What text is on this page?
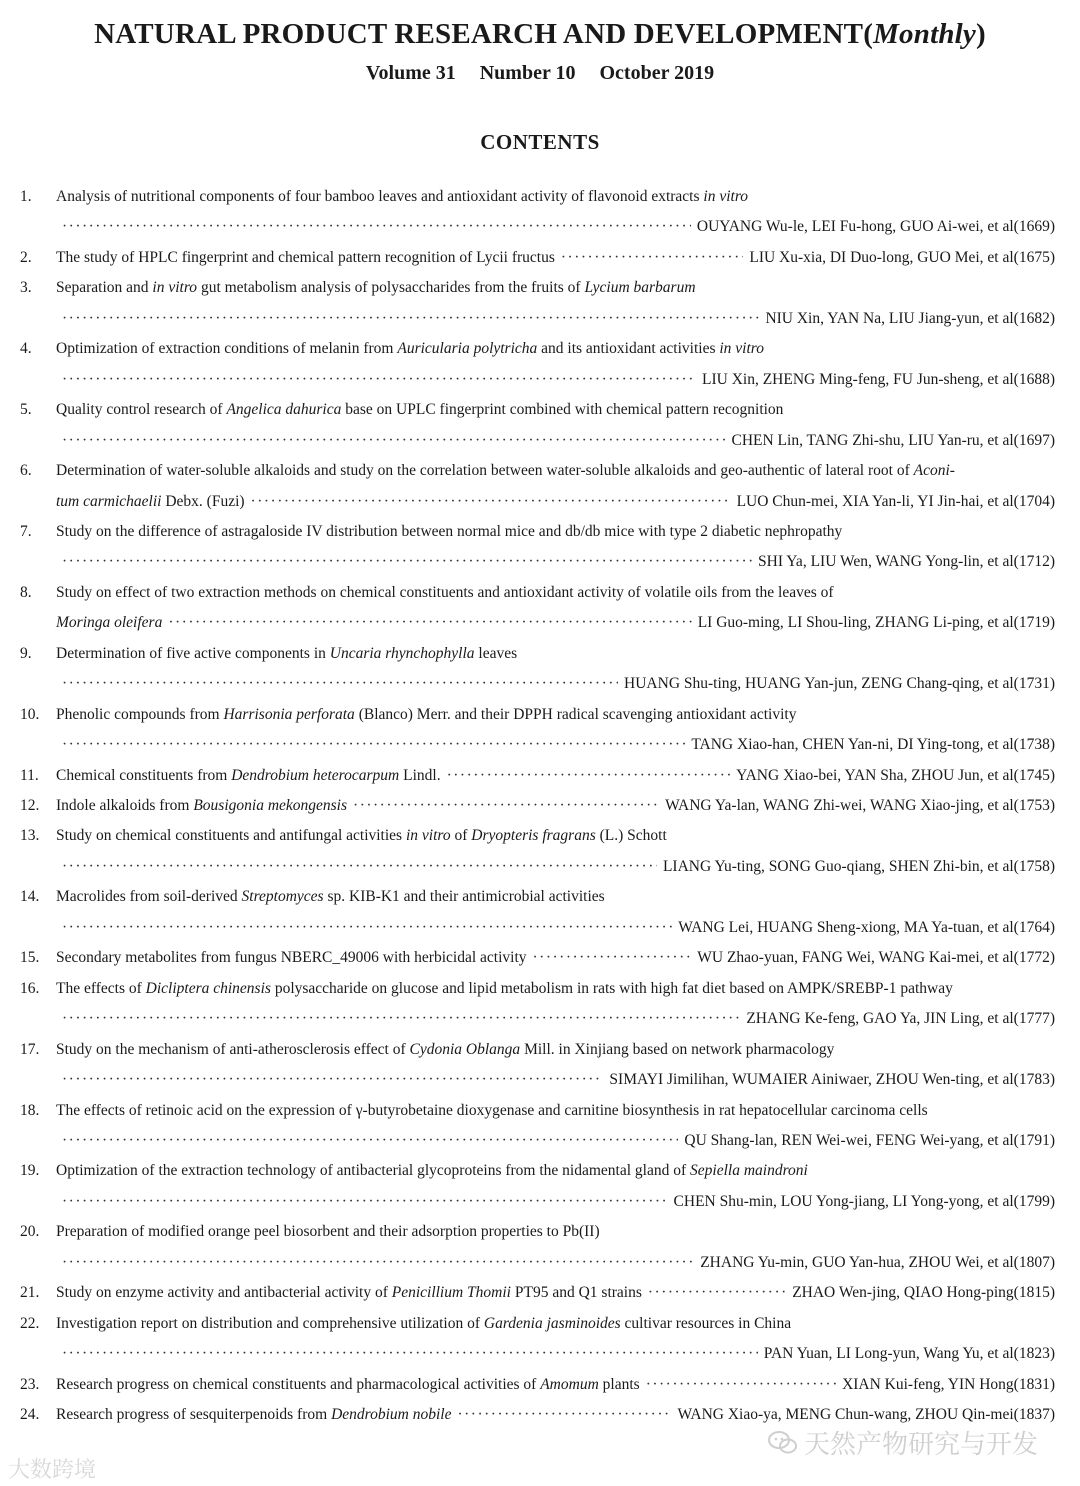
NATURAL PRODUCT RESEARCH AND DEVELOPMENT(Monthly)
Volume 31 Number 10 October 2019
CONTENTS
1. Analysis of nutritional components of four bamboo leaves and antioxidant activity of flavonoid extracts in vitro
·····
OUYANG Wu-le, LEI Fu-hong, GUO Ai-wei, et al(1669)
2. The study of HPLC fingerprint and chemical pattern recognition of Lycii fructus ·····	LIU Xu-xia, DI Duo-long, GUO Mei, et al(1675)
3. Separation and in vitro gut metabolism analysis of polysaccharides from the fruits of Lycium barbarum
·····
NIU Xin, YAN Na, LIU Jiang-yun, et al(1682)
4. Optimization of extraction conditions of melanin from Auricularia polytricha and its antioxidant activities in vitro
·····
LIU Xin, ZHENG Ming-feng, FU Jun-sheng, et al(1688)
5. Quality control research of Angelica dahurica base on UPLC fingerprint combined with chemical pattern recognition
·····
CHEN Lin, TANG Zhi-shu, LIU Yan-ru, et al(1697)
6. Determination of water-soluble alkaloids and study on the correlation between water-soluble alkaloids and geo-authentic of lateral root of Aconi-
tum carmichaelii Debx. (Fuzi) ·····	LUO Chun-mei, XIA Yan-li, YI Jin-hai, et al(1704)
7. Study on the difference of astragaloside IV distribution between normal mice and db/db mice with type 2 diabetic nephropathy
·····
SHI Ya, LIU Wen, WANG Yong-lin, et al(1712)
8. Study on effect of two extraction methods on chemical constituents and antioxidant activity of volatile oils from the leaves of
Moringa oleifera ·····	LI Guo-ming, LI Shou-ling, ZHANG Li-ping, et al(1719)
9. Determination of five active components in Uncaria rhynchophylla leaves
·····
HUANG Shu-ting, HUANG Yan-jun, ZENG Chang-qing, et al(1731)
10. Phenolic compounds from Harrisonia perforata (Blanco) Merr. and their DPPH radical scavenging antioxidant activity
·····
TANG Xiao-han, CHEN Yan-ni, DI Ying-tong, et al(1738)
11. Chemical constituents from Dendrobium heterocarpum Lindl. ·····	YANG Xiao-bei, YAN Sha, ZHOU Jun, et al(1745)
12. Indole alkaloids from Bousigonia mekongensis ·····	WANG Ya-lan, WANG Zhi-wei, WANG Xiao-jing, et al(1753)
13. Study on chemical constituents and antifungal activities in vitro of Dryopteris fragrans (L.) Schott
·····
LIANG Yu-ting, SONG Guo-qiang, SHEN Zhi-bin, et al(1758)
14. Macrolides from soil-derived Streptomyces sp. KIB-K1 and their antimicrobial activities
·····
WANG Lei, HUANG Sheng-xiong, MA Ya-tuan, et al(1764)
15. Secondary metabolites from fungus NBERC_49006 with herbicidal activity ·····	WU Zhao-yuan, FANG Wei, WANG Kai-mei, et al(1772)
16. The effects of Dicliptera chinensis polysaccharide on glucose and lipid metabolism in rats with high fat diet based on AMPK/SREBP-1 pathway
·····
ZHANG Ke-feng, GAO Ya, JIN Ling, et al(1777)
17. Study on the mechanism of anti-atherosclerosis effect of Cydonia Oblanga Mill. in Xinjiang based on network pharmacology
·····
SIMAYI Jimilihan, WUMAIER Ainiwaer, ZHOU Wen-ting, et al(1783)
18. The effects of retinoic acid on the expression of γ-butyrobetaine dioxygenase and carnitine biosynthesis in rat hepatocellular carcinoma cells
·····
QU Shang-lan, REN Wei-wei, FENG Wei-yang, et al(1791)
19. Optimization of the extraction technology of antibacterial glycoproteins from the nidamental gland of Sepiella maindroni
·····
CHEN Shu-min, LOU Yong-jiang, LI Yong-yong, et al(1799)
20. Preparation of modified orange peel biosorbent and their adsorption properties to Pb(II)
·····
ZHANG Yu-min, GUO Yan-hua, ZHOU Wei, et al(1807)
21. Study on enzyme activity and antibacterial activity of Penicillium Thomii PT95 and Q1 strains ·····	ZHAO Wen-jing, QIAO Hong-ping(1815)
22. Investigation report on distribution and comprehensive utilization of Gardenia jasminoides cultivar resources in China
·····
PAN Yuan, LI Long-yun, Wang Yu, et al(1823)
23. Research progress on chemical constituents and pharmacological activities of Amomum plants ·····	XIAN Kui-feng, YIN Hong(1831)
24. Research progress of sesquiterpenoids from Dendrobium nobile ·····	WANG Xiao-ya, MENG Chun-wang, ZHOU Qin-mei(1837)
大数跨境
天然产物研究与开发
